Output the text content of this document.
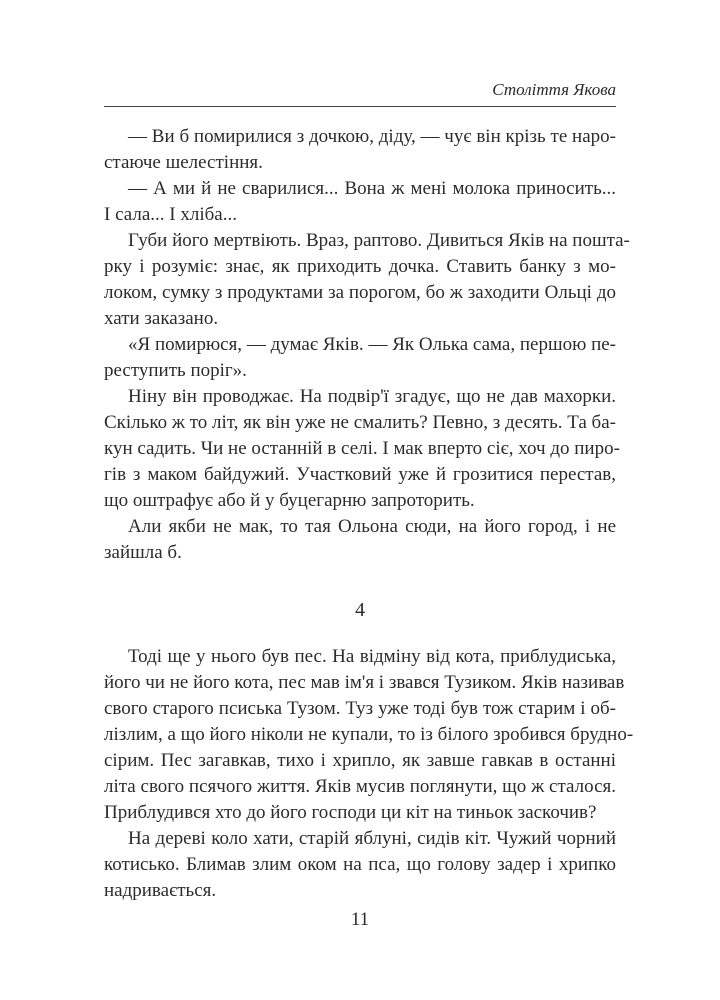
Століття Якова

— Ви б помирилися з дочкою, діду, — чує він крізь те наро-
стаюче шелестіння.

— А ми й не сварилися... Вона ж мені молока приносить...
І сала... І хліба...

Губи його мертвіють. Враз, раптово. Дивиться Яків на пошта-
рку і розуміє: знає, як приходить дочка. Ставить банку з мо-
локом, сумку з продуктами за порогом, бо ж заходити Ольці до
хати заказано.

«Я помирюся, — думає Яків. — Як Олька сама, першою пе-
реступить поріг».

Ніну він проводжає. На подвір'ї згадує, що не дав махорки.
Скілько ж то літ, як він уже не смалить? Певно, з десять. Та ба-
кун садить. Чи не останній в селі. І мак вперто сіє, хоч до пиро-
гів з маком байдужий. Участковий уже й грозитися перестав,
що оштрафує або й у буцегарню запроторить.

Али якби не мак, то тая Ольона сюди, на його город, і не
зайшла б.

4

Тоді ще у нього був пес. На відміну від кота, приблудиська,
його чи не його кота, пес мав ім'я і звався Тузиком. Яків називав
свого старого псиська Тузом. Туз уже тоді був тож старим і об-
лізлим, а що його ніколи не купали, то із білого зробився брудно-
сірим. Пес загавкав, тихо і хрипло, як завше гавкав в останні
літа свого псячого життя. Яків мусив поглянути, що ж сталося.
Приблудився хто до його господи ци кіт на тиньок заскочив?

На дереві коло хати, старій яблуні, сидів кіт. Чужий чорний
котисько. Блимав злим оком на пса, що голову задер і хрипко
надривається.

11
